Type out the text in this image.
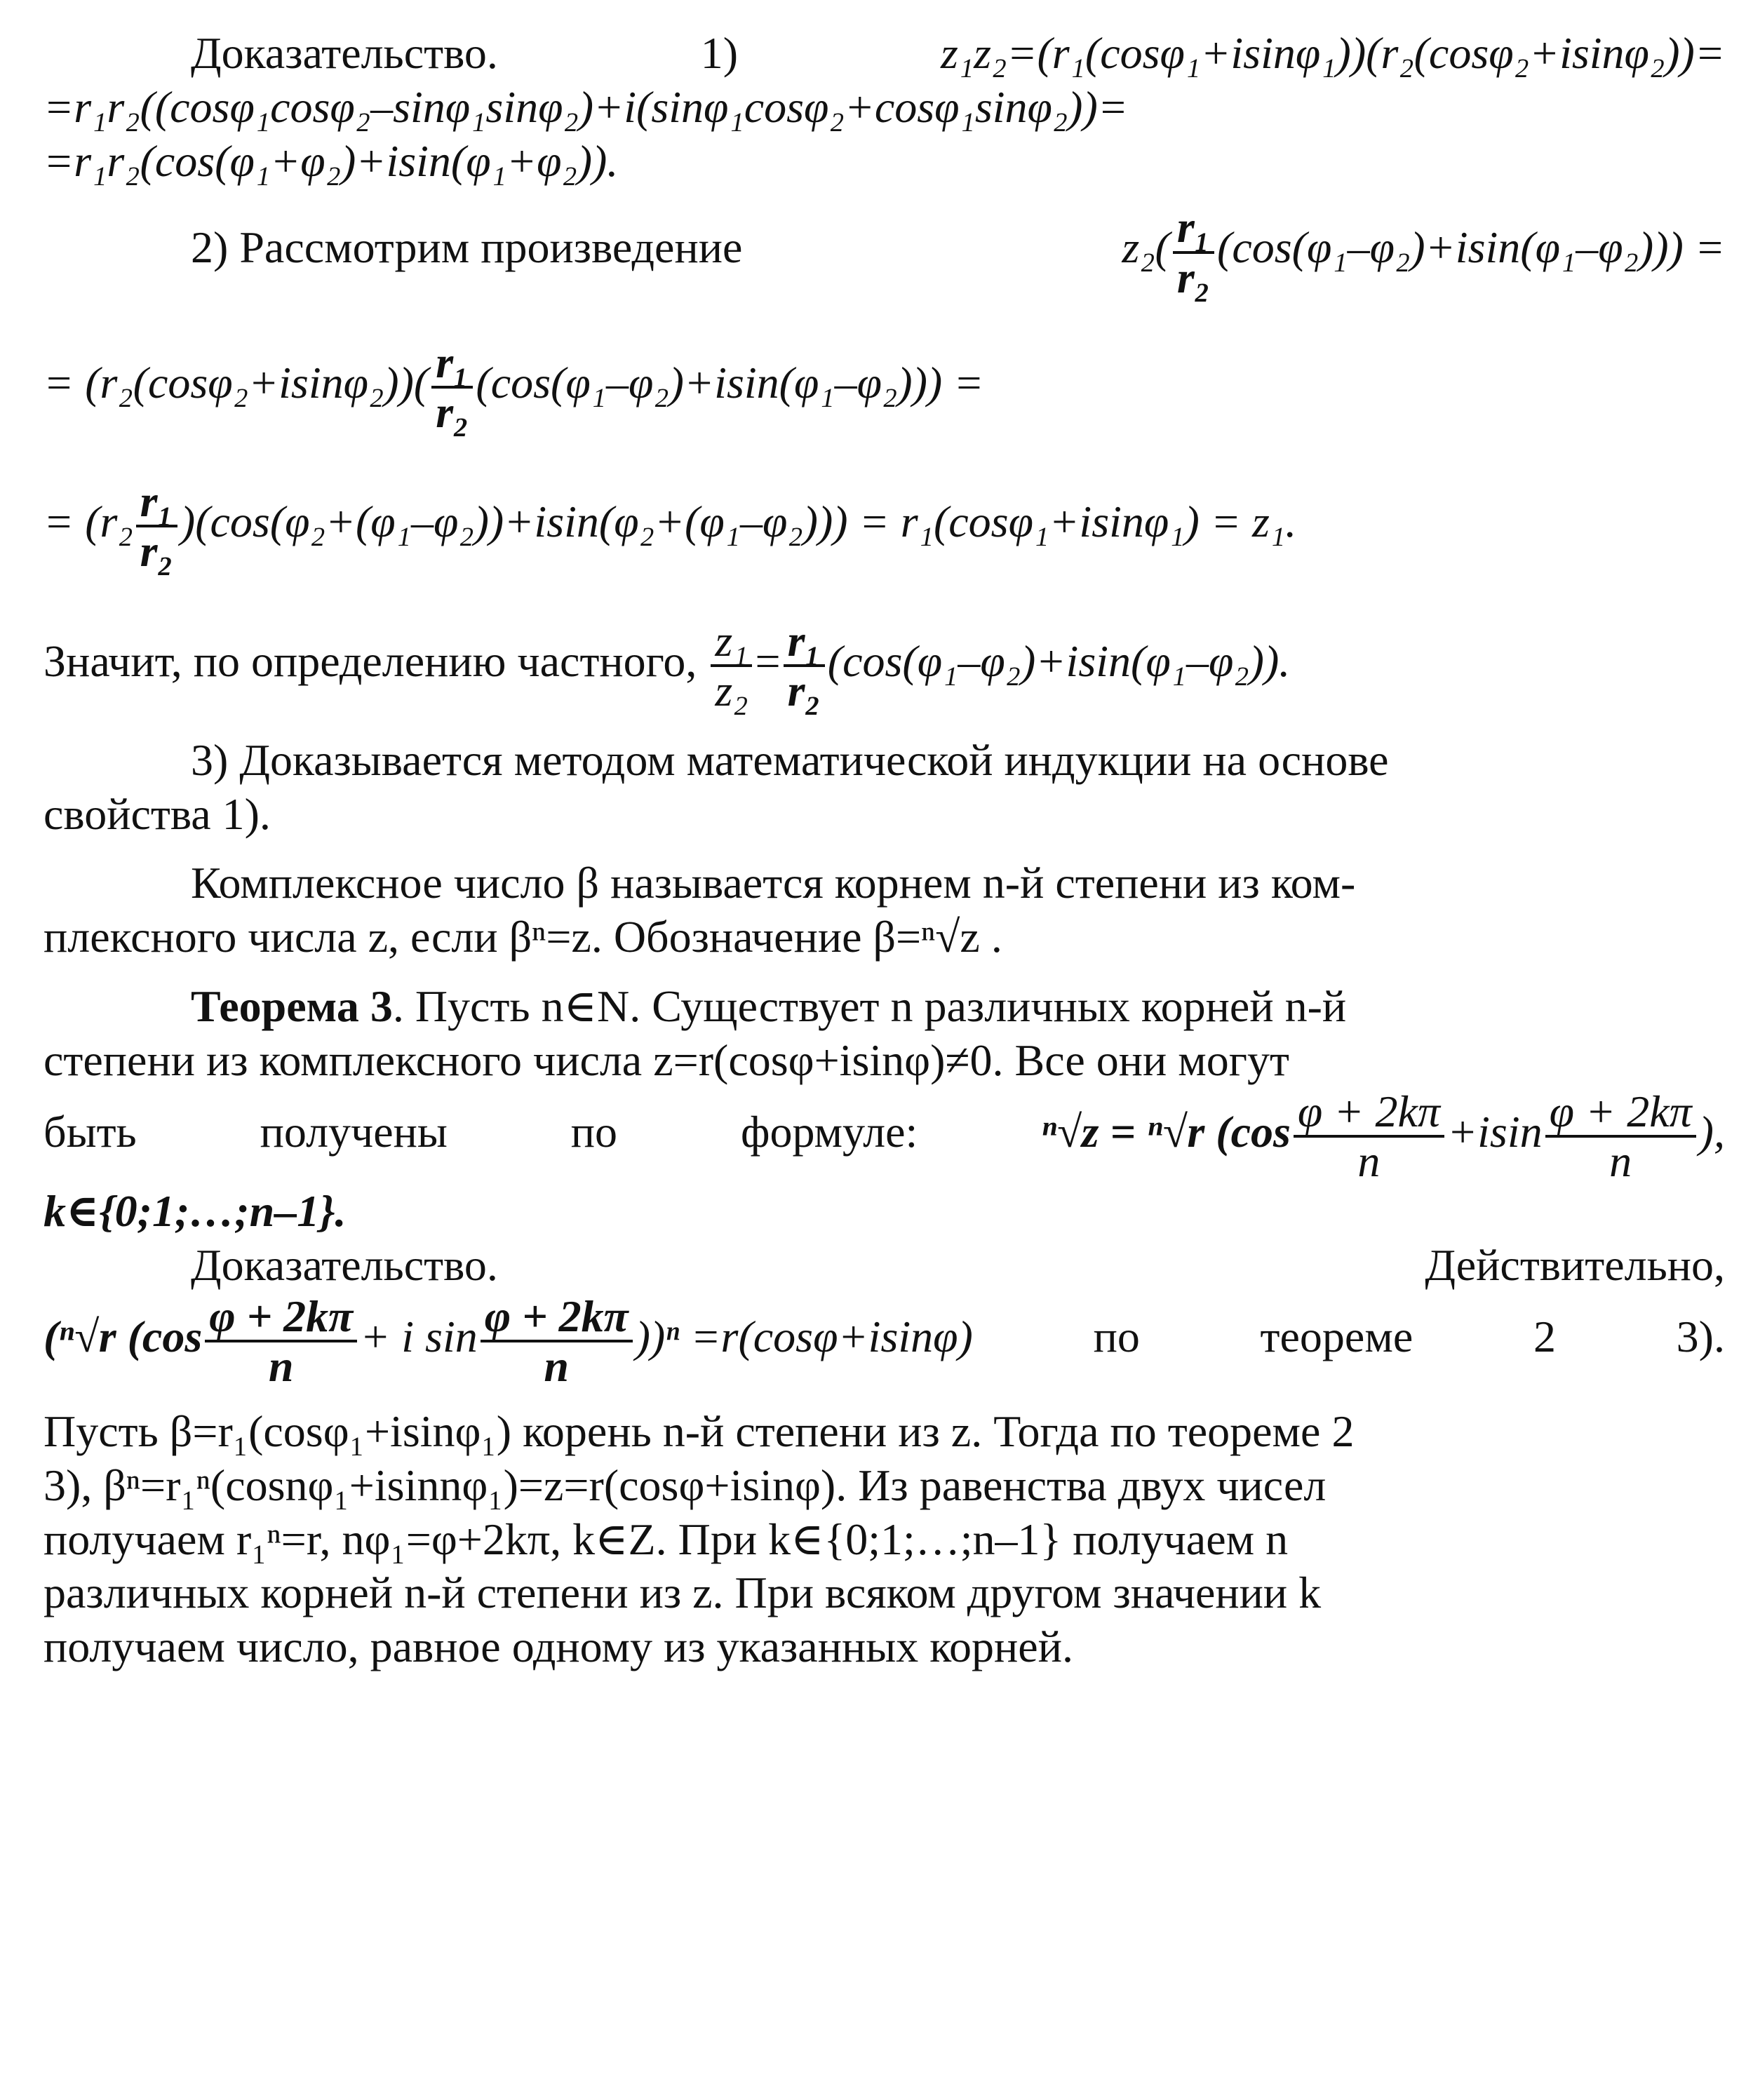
Доказательство.	1)	z₁z₂=(r₁(cosφ₁+isinφ₁))(r₂(cosφ₂+isinφ₂))=
=r₁r₂((cosφ₁cosφ₂–sinφ₁sinφ₂)+i(sinφ₁cosφ₂+cosφ₁sinφ₂))=
=r₁r₂(cos(φ₁+φ₂)+isin(φ₁+φ₂)).
2) Рассмотрим произведение	$z_2( \frac{\text{r₁}}{\text{r₂}} (\cos(\varphi_1-\varphi_2)+isin(\varphi_1-\varphi_2)))$ =
= $(r_2(\cos\varphi_2+isin\varphi_2))( \frac{\text{r₁}}{\text{r₂}} (\cos(\varphi_1-\varphi_2)+isin(\varphi_1-\varphi_2)))$ =
= $(r_2 \frac{\text{r₁}}{\text{r₂}} )(\cos(\varphi_2+(\varphi_1-\varphi_2))+isin(\varphi_2+(\varphi_1-\varphi_2))) = r_1(\cos\varphi_1+isin\varphi_1) = z_1$.
Значит, по определению частного, $\frac{\text{z₁}}{\text{z₂}} = \frac{\text{r₁}}{\text{r₂}} (\cos(\varphi_1-\varphi_2)+isin(\varphi_1-\varphi_2))$.
3) Доказывается методом математической индукции на основе
свойства 1).
Комплексное число β называется корнем n-й степени из ком-
плексного числа z, если βⁿ=z. Обозначение β=ⁿ√z .
Теорема 3. Пусть n∈N. Существует n различных корней n-й
степени из комплексного числа z=r(cosφ+isinφ)≠0. Все они могут
быть	получены	по	формуле:	ⁿ√z = ⁿ√r ($\cos \frac{\varphi + 2k\pi}{n} +isin \frac{\varphi + 2k\pi}{n}$ ),
k∈{0;1;…;n–1}.
Доказательство.	Действительно,
(ⁿ√r ($\cos \frac{\varphi + 2k\pi}{n} + i$ $\sin \frac{\varphi + 2k\pi}{n} ))^n =r(\cos\varphi+isin\varphi)$	по	теореме	2	3).
Пусть β=r₁(cosφ₁+isinφ₁) корень n-й степени из z. Тогда по теореме 2
3), βⁿ=r₁ⁿ(cosnφ₁+isinnφ₁)=z=r(cosφ+isinφ). Из равенства двух чисел
получаем r₁ⁿ=r, nφ₁=φ+2kπ, k∈Z. При k∈{0;1;…;n–1} получаем n
различных корней n-й степени из z. При всяком другом значении k
получаем число, равное одному из указанных корней.
